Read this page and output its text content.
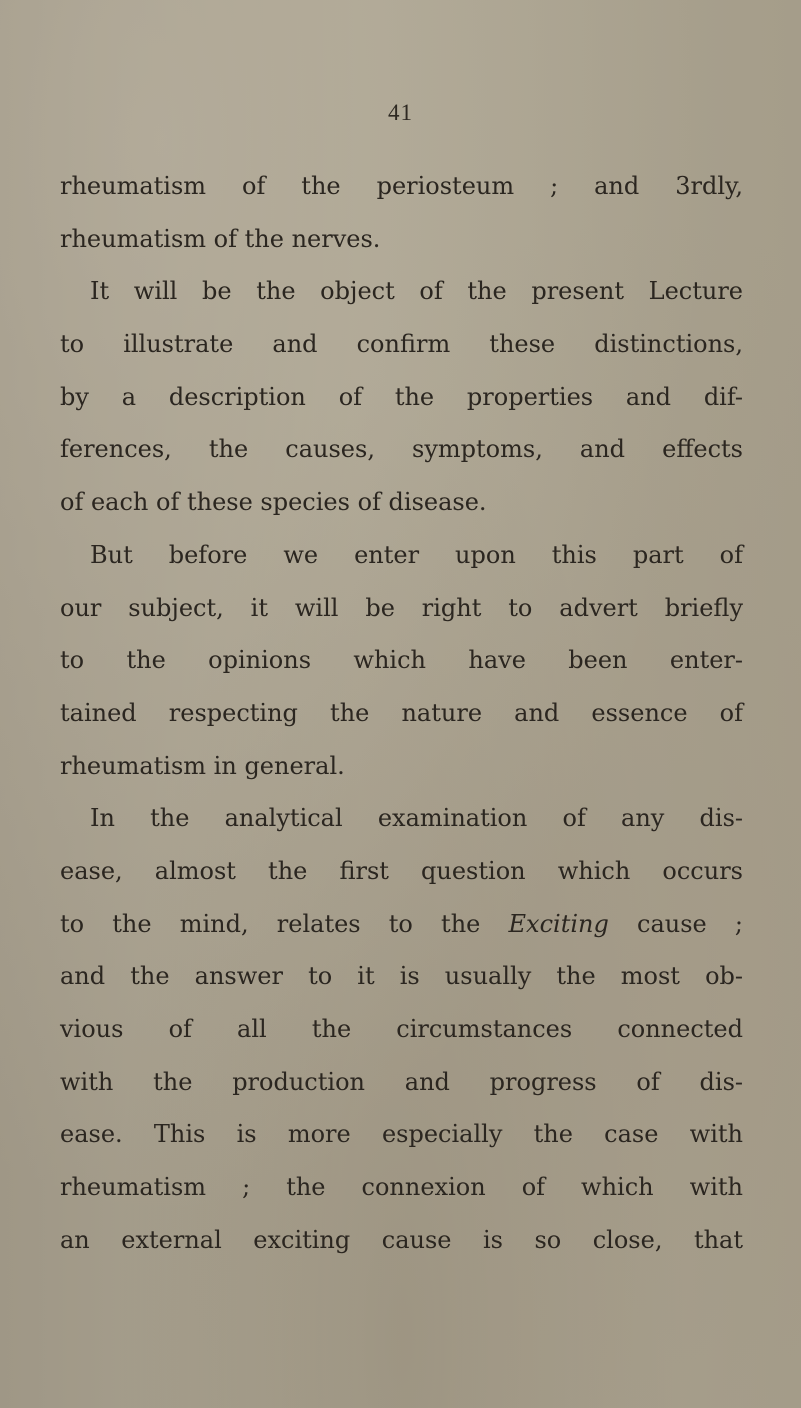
41

rheumatism of the periosteum ; and 3rdly,
rheumatism of the nerves.
It will be the object of the present Lecture
to illustrate and confirm these distinctions,
by a description of the properties and dif-
ferences, the causes, symptoms, and effects
of each of these species of disease.
But before we enter upon this part of
our subject, it will be right to advert briefly
to the opinions which have been enter-
tained respecting the nature and essence of
rheumatism in general.
In the analytical examination of any dis-
ease, almost the first question which occurs
to the mind, relates to the Exciting cause ;
and the answer to it is usually the most ob-
vious of all the circumstances connected
with the production and progress of dis-
ease. This is more especially the case with
rheumatism ; the connexion of which with
an external exciting cause is so close, that
